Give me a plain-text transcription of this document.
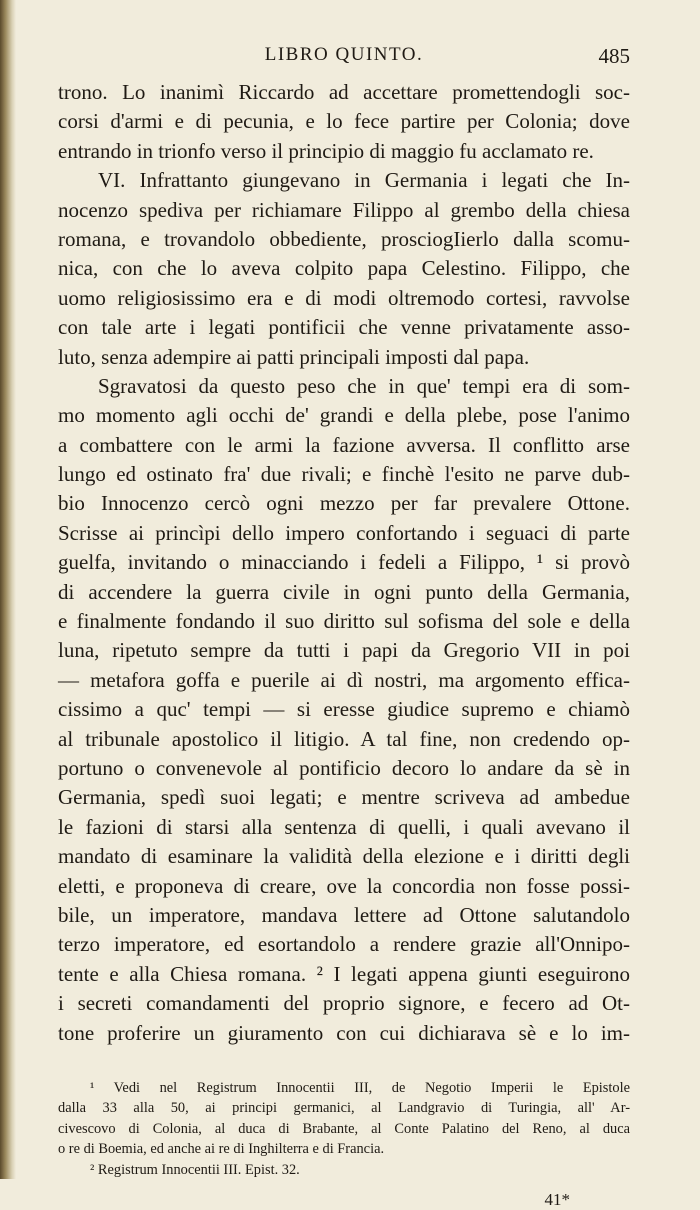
LIBRO QUINTO.	485
trono. Lo inanimì Riccardo ad accettare promettendogli soc-
corsi d'armi e di pecunia, e lo fece partire per Colonia; dove
entrando in trionfo verso il principio di maggio fu acclamato re.
VI. Infrattanto giungevano in Germania i legati che In-
nocenzo spediva per richiamare Filippo al grembo della chiesa
romana, e trovandolo obbediente, prosciogIierlo dalla scomu-
nica, con che lo aveva colpito papa Celestino. Filippo, che
uomo religiosissimo era e di modi oltremodo cortesi, ravvolse
con tale arte i legati pontificii che venne privatamente asso-
luto, senza adempire ai patti principali imposti dal papa.
Sgravatosi da questo peso che in que' tempi era di som-
mo momento agli occhi de' grandi e della plebe, pose l'animo
a combattere con le armi la fazione avversa. Il conflitto arse
lungo ed ostinato fra' due rivali; e finchè l'esito ne parve dub-
bio Innocenzo cercò ogni mezzo per far prevalere Ottone.
Scrisse ai princìpi dello impero confortando i seguaci di parte
guelfa, invitando o minacciando i fedeli a Filippo, ¹ si provò
di accendere la guerra civile in ogni punto della Germania,
e finalmente fondando il suo diritto sul sofisma del sole e della
luna, ripetuto sempre da tutti i papi da Gregorio VII in poi
— metafora goffa e puerile ai dì nostri, ma argomento effica-
cissimo a quc' tempi — si eresse giudice supremo e chiamò
al tribunale apostolico il litigio. A tal fine, non credendo op-
portuno o convenevole al pontificio decoro lo andare da sè in
Germania, spedì suoi legati; e mentre scriveva ad ambedue
le fazioni di starsi alla sentenza di quelli, i quali avevano il
mandato di esaminare la validità della elezione e i diritti degli
eletti, e proponeva di creare, ove la concordia non fosse possi-
bile, un imperatore, mandava lettere ad Ottone salutandolo
terzo imperatore, ed esortandolo a rendere grazie all'Onnipo-
tente e alla Chiesa romana. ² I legati appena giunti eseguirono
i secreti comandamenti del proprio signore, e fecero ad Ot-
tone proferire un giuramento con cui dichiarava sè e lo im-
¹ Vedi nel Registrum Innocentii III, de Negotio Imperii le Epistole
dalla 33 alla 50, ai principi germanici, al Landgravio di Turingia, all' Ar-
civescovo di Colonia, al duca di Brabante, al Conte Palatino del Reno, al duca
o re di Boemia, ed anche ai re di Inghilterra e di Francia.
² Registrum Innocentii III. Epist. 32.
41*
